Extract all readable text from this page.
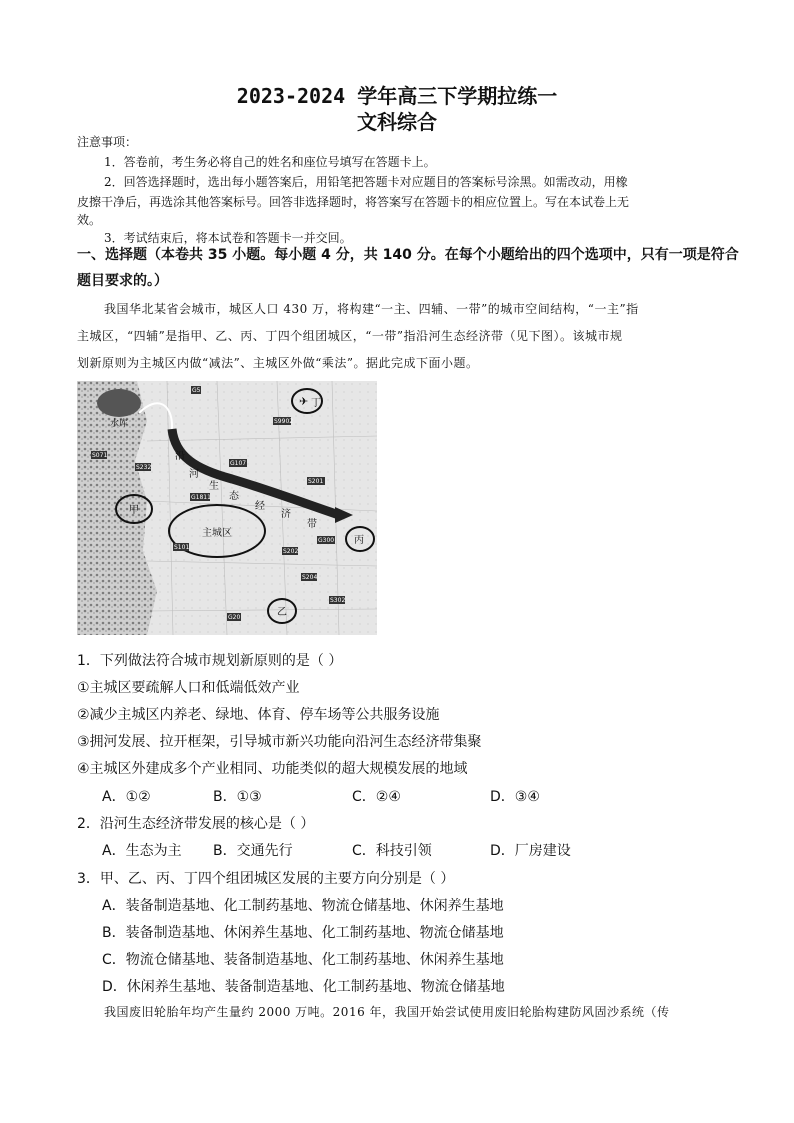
2023-2024 学年高三下学期拉练一
文科综合
注意事项：
1．答卷前，考生务必将自己的姓名和座位号填写在答题卡上。
2．回答选择题时，选出每小题答案后，用铅笔把答题卡对应题目的答案标号涂黑。如需改动，用橡
皮擦干净后，再选涂其他答案标号。回答非选择题时，将答案写在答题卡的相应位置上。写在本试卷上无
效。
3．考试结束后，将本试卷和答题卡一并交回。
一、选择题（本卷共 35 小题。每小题 4 分，共 140 分。在每个小题给出的四个选项中，只有一项是符合
题目要求的。）
我国华北某省会城市，城区人口 430 万，将构建“一主、四辅、一带”的城市空间结构，“一主”指
主城区，“四辅”是指甲、乙、丙、丁四个组团城区，“一带”指沿河生态经济带（见下图）。该城市规
划新原则为主城区内做“减法”、主城区外做“乘法”。据此完成下面小题。
✈
水库
甲
主城区
丙
乙
丁
沿
河
生
态
经
济
带
S9902
G107
S201
G1811
S101
S202
S204
G300
S302
G5
S232
S071
G20
1．下列做法符合城市规划新原则的是（ ）
①主城区要疏解人口和低端低效产业
②减少主城区内养老、绿地、体育、停车场等公共服务设施
③拥河发展、拉开框架，引导城市新兴功能向沿河生态经济带集聚
④主城区外建成多个产业相同、功能类似的超大规模发展的地域
A．①②	B．①③	C．②④	D．③④
2．沿河生态经济带发展的核心是（ ）
A．生态为主 B．交通先行	C．科技引领	D．厂房建设
3．甲、乙、丙、丁四个组团城区发展的主要方向分别是（ ）
A．装备制造基地、化工制药基地、物流仓储基地、休闲养生基地
B．装备制造基地、休闲养生基地、化工制药基地、物流仓储基地
C．物流仓储基地、装备制造基地、化工制药基地、休闲养生基地
D．休闲养生基地、装备制造基地、化工制药基地、物流仓储基地
我国废旧轮胎年均产生量约 2000 万吨。2016 年，我国开始尝试使用废旧轮胎构建防风固沙系统（传
